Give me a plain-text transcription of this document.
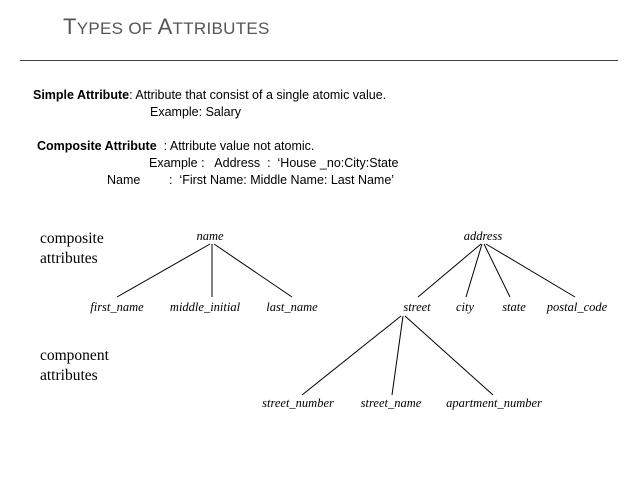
TYPES OF ATTRIBUTES
Simple Attribute: Attribute that consist of a single atomic value.
Example: Salary
Composite Attribute  : Attribute value not atomic.
Example :   Address  :  ‘House _no:City:State
Name :  ‘First Name: Middle Name: Last Name’
composite
attributes
component
attributes
name
first_name middle_initial last_name
address
street city state postal_code
street_number street_name apartment_number
